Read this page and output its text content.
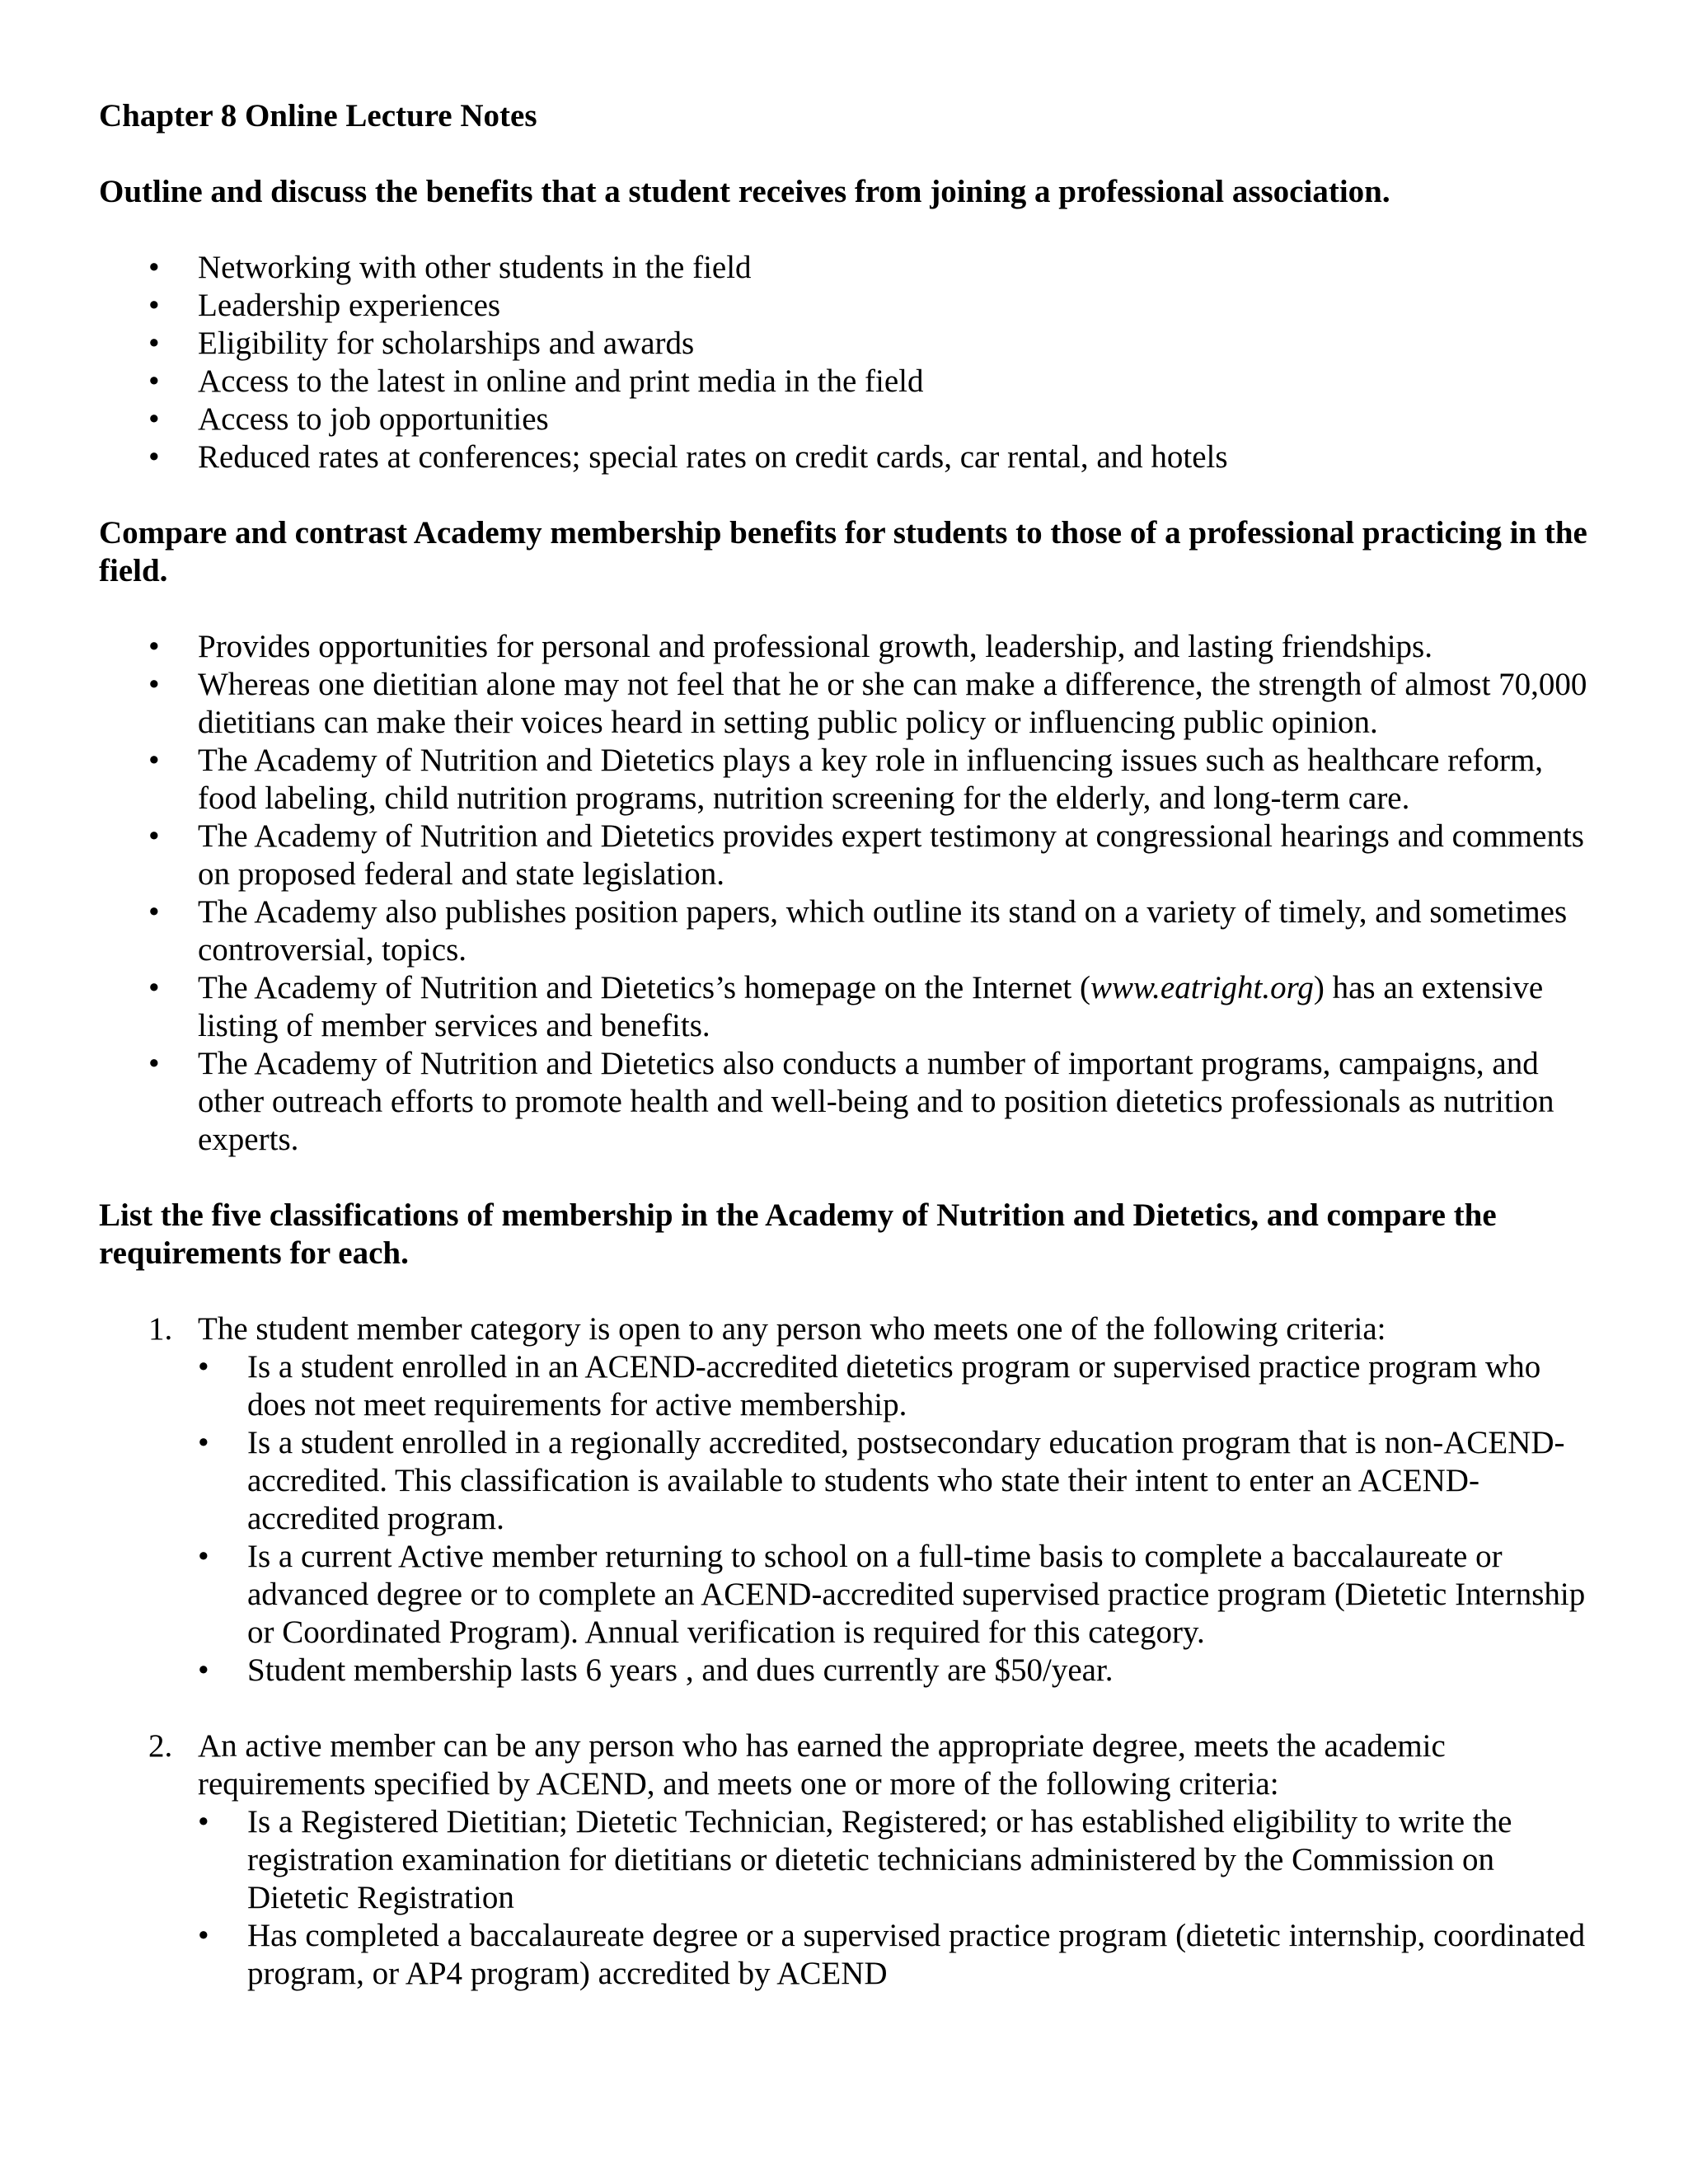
Chapter 8 Online Lecture Notes
Outline and discuss the benefits that a student receives from joining a professional association.
• Networking with other students in the field
• Leadership experiences
• Eligibility for scholarships and awards
• Access to the latest in online and print media in the field
• Access to job opportunities
• Reduced rates at conferences; special rates on credit cards, car rental, and hotels
Compare and contrast Academy membership benefits for students to those of a professional practicing in the field.
• Provides opportunities for personal and professional growth, leadership, and lasting friendships.
• Whereas one dietitian alone may not feel that he or she can make a difference, the strength of almost 70,000 dietitians can make their voices heard in setting public policy or influencing public opinion.
• The Academy of Nutrition and Dietetics plays a key role in influencing issues such as healthcare reform, food labeling, child nutrition programs, nutrition screening for the elderly, and long-term care.
• The Academy of Nutrition and Dietetics provides expert testimony at congressional hearings and comments on proposed federal and state legislation.
• The Academy also publishes position papers, which outline its stand on a variety of timely, and sometimes controversial, topics.
• The Academy of Nutrition and Dietetics’s homepage on the Internet (www.eatright.org) has an extensive listing of member services and benefits.
• The Academy of Nutrition and Dietetics also conducts a number of important programs, campaigns, and other outreach efforts to promote health and well-being and to position dietetics professionals as nutrition experts.
List the five classifications of membership in the Academy of Nutrition and Dietetics, and compare the requirements for each.
1. The student member category is open to any person who meets one of the following criteria:
• Is a student enrolled in an ACEND-accredited dietetics program or supervised practice program who does not meet requirements for active membership.
• Is a student enrolled in a regionally accredited, postsecondary education program that is non-ACEND-accredited. This classification is available to students who state their intent to enter an ACEND-accredited program.
• Is a current Active member returning to school on a full-time basis to complete a baccalaureate or advanced degree or to complete an ACEND-accredited supervised practice program (Dietetic Internship or Coordinated Program). Annual verification is required for this category.
• Student membership lasts 6 years , and dues currently are $50/year.
2. An active member can be any person who has earned the appropriate degree, meets the academic requirements specified by ACEND, and meets one or more of the following criteria:
• Is a Registered Dietitian; Dietetic Technician, Registered; or has established eligibility to write the registration examination for dietitians or dietetic technicians administered by the Commission on Dietetic Registration
• Has completed a baccalaureate degree or a supervised practice program (dietetic internship, coordinated program, or AP4 program) accredited by ACEND
